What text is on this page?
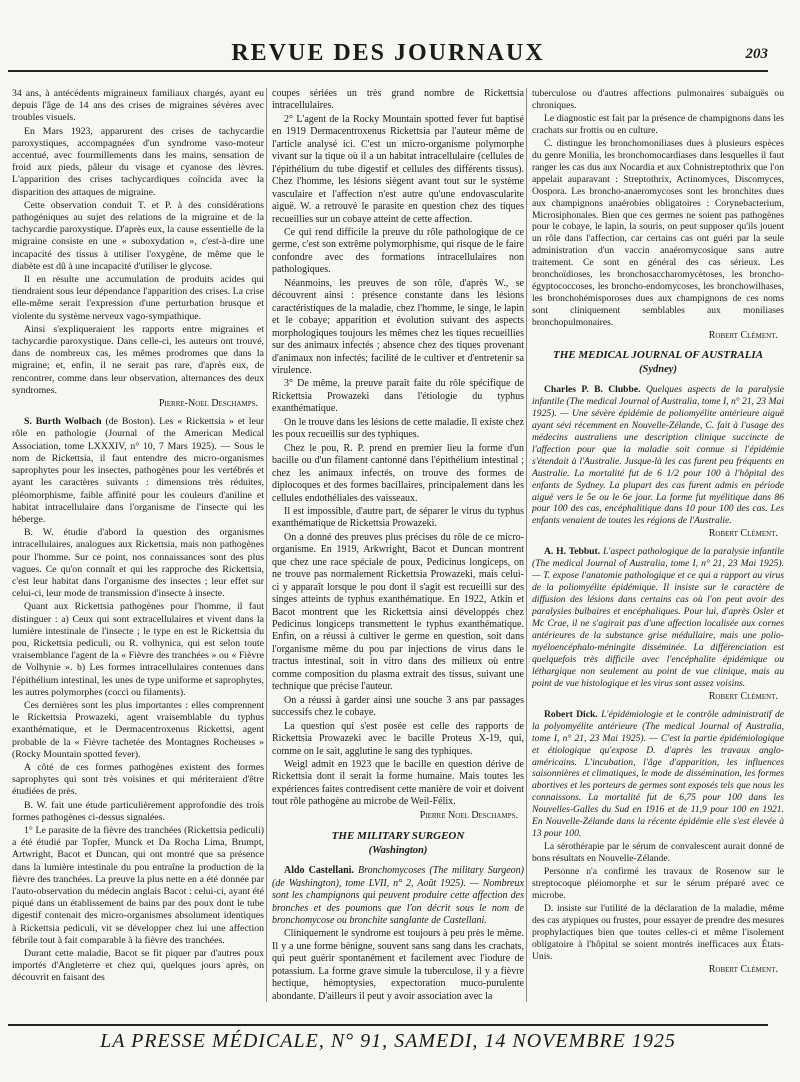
REVUE DES JOURNAUX	203

34 ans, à antécédents migraineux familiaux chargés, ayant eu depuis l'âge de 14 ans des crises de migraines sévères avec troubles visuels.

En Mars 1923, apparurent des crises de tachycardie paroxystiques, accompagnées d'un syndrome vaso-moteur accentué, avec fourmillements dans les mains, sensation de froid aux pieds, pâleur du visage et cyanose des lèvres. L'apparition des crises tachycardiques coïncida avec la disparition des attaques de migraine.

Cette observation conduit T. et P. à des considérations pathogéniques au sujet des relations de la migraine et de la tachycardie paroxystique. D'après eux, la cause essentielle de la migraine consiste en une « suboxydation », c'est-à-dire une incapacité des tissus à utiliser l'oxygène, de même que le diabète est dû à une incapacité d'utiliser le glycose.

Il en résulte une accumulation de produits acides qui tiendraient sous leur dépendance l'apparition des crises. La crise elle-même serait l'expression d'une perturbation brusque et violente du système nerveux vago-sympathique.

Ainsi s'expliqueraient les rapports entre migraines et tachycardie paroxystique. Dans celle-ci, les auteurs ont trouvé, dans de nombreux cas, les mêmes prodromes que dans la migraine; et, enfin, il ne serait pas rare, d'après eux, de rencontrer, comme dans leur observation, alternances des deux syndromes.

Pierre-Noel Deschamps.

S. Burth Wolbach (de Boston). Les « Rickettsia » et leur rôle en pathologie (Journal of the American Medical Association, tome LXXXIV, n° 10, 7 Mars 1925). — Sous le nom de Rickettsia, il faut entendre des micro-organismes saprophytes pour les insectes, pathogènes pour les vertébrés et ayant les caractères suivants : dimensions très réduites, pléomorphisme, faible affinité pour les couleurs d'aniline et habitat intracellulaire dans l'organisme de l'insecte qui les héberge.

B. W. étudie d'abord la question des organismes intracellulaires, analogues aux Rickettsia, mais non pathogènes pour l'homme. Sur ce point, nos connaissances sont des plus vagues. Ce qu'on connaît et qui les rapproche des Rickettsia, c'est leur habitat dans l'organisme des insectes ; leur effet sur celui-ci, leur mode de transmission d'insecte à insecte.

Quant aux Rickettsia pathogènes pour l'homme, il faut distinguer : a) Ceux qui sont extracellulaires et vivent dans la lumière intestinale de l'insecte ; le type en est le Rickettsia du pou, Rickettsia pediculi, ou R. volhynica, qui est selon toute vraisemblance l'agent de la « Fièvre des tranchées » ou « Fièvre de Volhynie ». b) Les formes intracellulaires contenues dans l'épithélium intestinal, les unes de type uniforme et saprophytes, les autres polymorphes (cocci ou filaments).

Ces dernières sont les plus importantes : elles comprennent le Rickettsia Prowazeki, agent vraisemblable du typhus exanthématique, et le Dermacentroxenus Rickettsi, agent probable de la « Fièvre tachetée des Montagnes Rocheuses » (Rocky Mountain spotted fever).

A côté de ces formes pathogènes existent des formes saprophytes qui sont très voisines et qui mériteraient d'être étudiées de près.

B. W. fait une étude particulièrement approfondie des trois formes pathogènes ci-dessus signalées.

1° Le parasite de la fièvre des tranchées (Rickettsia pediculi) a été étudié par Topfer, Munck et Da Rocha Lima, Brumpt, Artwright, Bacot et Duncan, qui ont montré que sa présence dans la lumière intestinale du pou entraîne la production de la fièvre des tranchées. La preuve la plus nette en a été donnée par l'auto-observation du médecin anglais Bacot : celui-ci, ayant été piqué dans un établissement de bains par des poux dont le tube digestif contenait des micro-organismes absolument identiques à Rickettsia pediculi, vit se développer chez lui une affection fébrile tout à fait comparable à la fièvre des tranchées.

Durant cette maladie, Bacot se fit piquer par d'autres poux importés d'Angleterre et chez qui, quelques jours après, on découvrit en faisant des

coupes sériées un très grand nombre de Rickettsia intracellulaires.

2° L'agent de la Rocky Mountain spotted fever fut baptisé en 1919 Dermacentroxenus Rickettsia par l'auteur même de l'article analysé ici. C'est un micro-organisme polymorphe vivant sur la tique où il a un habitat intracellulaire (cellules de l'épithélium du tube digestif et cellules des différents tissus). Chez l'homme, les lésions siègent avant tout sur le système vasculaire et l'affection n'est autre qu'une endovascularite aiguë. W. a retrouvé le parasite en question chez des tiques recueillies sur un cobaye atteint de cette affection.

Ce qui rend difficile la preuve du rôle pathologique de ce germe, c'est son extrême polymorphisme, qui risque de le faire confondre avec des formations intracellulaires non pathologiques.

Néanmoins, les preuves de son rôle, d'après W., se découvrent ainsi : présence constante dans les lésions caractéristiques de la maladie, chez l'homme, le singe, le lapin et le cobaye; apparition et évolution suivant des aspects morphologiques toujours les mêmes chez les tiques recueillies sur des animaux infectés ; absence chez des tiques provenant d'animaux non infectés; facilité de le cultiver et d'entretenir sa virulence.

3° De même, la preuve paraît faite du rôle spécifique de Rickettsia Prowazeki dans l'étiologie du typhus exanthématique.

On le trouve dans les lésions de cette maladie. Il existe chez les poux recueillis sur des typhiques.

Chez le pou, R. P. prend en premier lieu la forme d'un bacille ou d'un filament cantonné dans l'épithélium intestinal ; chez les animaux infectés, on trouve des formes de diplocoques et des formes bacillaires, principalement dans les cellules endothéliales des vaisseaux.

Il est impossible, d'autre part, de séparer le virus du typhus exanthématique de Rickettsia Prowazeki.

On a donné des preuves plus précises du rôle de ce micro-organisme. En 1919, Arkwright, Bacot et Duncan montrent que chez une race spéciale de poux, Pedicinus longiceps, on ne trouve pas normalement Rickettsia Prowazeki, mais celui-ci y apparaît lorsque le pou dont il s'agit est recueilli sur des singes atteints de typhus exanthématique. En 1922, Atkin et Bacot montrent que les Rickettsia ainsi développés chez Pedicinus longiceps transmettent le typhus exanthématique. Enfin, on a réussi à cultiver le germe en question, soit dans l'organisme même du pou par injections de virus dans le tractus intestinal, soit in vitro dans des milieux où entre comme composition du plasma extrait des tissus, suivant une technique que précise l'auteur.

On a réussi à garder ainsi une souche 3 ans par passages successifs chez le cobaye.

La question qui s'est posée est celle des rapports de Rickettsia Prowazeki avec le bacille Proteus X-19, qui, comme on le sait, agglutine le sang des typhiques.

Weigl admit en 1923 que le bacille en question dérive de Rickettsia dont il serait la forme humaine. Mais toutes les expériences faites contredisent cette manière de voir et doivent tout rôle pathogène au microbe de Weil-Félix.

Pierre Noel Deschamps.

THE MILITARY SURGEON

(Washington)

Aldo Castellani. Bronchomycoses (The military Surgeon) (de Washington), tome LVII, n° 2, Août 1925). — Nombreux sont les champignons qui peuvent produire cette affection des bronches et des poumons que l'on décrit sous le nom de bronchomycose ou bronchite sanglante de Castellani.

Cliniquement le syndrome est toujours à peu près le même. Il y a une forme bénigne, souvent sans sang dans les crachats, qui peut guérir spontanément et facilement avec l'iodure de potassium. La forme grave simule la tuberculose, il y a fièvre hectique, hémoptysies, expectoration muco-purulente abondante. D'ailleurs il peut y avoir association avec la

tuberculose ou d'autres affections pulmonaires subaiguës ou chroniques.

Le diagnostic est fait par la présence de champignons dans les crachats sur frottis ou en culture.

C. distingue les bronchomoniliases dues à plusieurs espèces du genre Monilia, les bronchomocardiases dans lesquelles il faut ranger les cas dus aux Nocardia et aux Cohnistreptothrix que l'on appelait auparavant : Streptothrix, Actinomyces, Discomyces, Oospora. Les broncho-anaeromycoses sont les bronchites dues aux champignons anaérobies obligatoires : Corynebacterium, Microsiphonales. Bien que ces germes ne soient pas pathogènes pour le cobaye, le lapin, la souris, on peut supposer qu'ils jouent un rôle dans l'affection, car certains cas ont guéri par la seule administration d'un vaccin anaéromycosique sans autre traitement. Ce sont en général des cas sérieux. Les bronchoïdioses, les bronchosaccharomycètoses, les broncho-égyptococcoses, les broncho-endomycoses, les bronchowilhases, les bronchohémisporoses dues aux champignons de ces noms sont cliniquement semblables aux moniliases bronchopulmonaires.

Robert Clément.

THE MEDICAL JOURNAL OF AUSTRALIA

(Sydney)

Charles P. B. Clubbe. Quelques aspects de la paralysie infantile (The medical Journal of Australia, tome I, n° 21, 23 Mai 1925). — Une sévère épidémie de poliomyélite antérieure aiguë ayant sévi récemment en Nouvelle-Zélande, C. fait à l'usage des médecins australiens une description clinique succincte de l'affection pour que la maladie soit connue si l'épidémie s'étendait à l'Australie. Jusque-là les cas furent peu fréquents en Australie. La mortalité fut de 6 1/2 pour 100 à l'hôpital des enfants de Sydney. La plupart des cas furent admis en période aiguë vers le 5e ou le 6e jour. La forme fut myélitique dans 86 pour 100 des cas, encéphalitique dans 10 pour 100 des cas. Les enfants venaient de toutes les régions de l'Australie.

Robert Clément.

A. H. Tebbut. L'aspect pathologique de la paralysie infantile (The medical Journal of Australia, tome I, n° 21, 23 Mai 1925). — T. expose l'anatomie pathologique et ce qui a rapport au virus de la poliomyélite épidémique. Il insiste sur le caractère de diffusion des lésions dans certains cas où l'on peut avoir des paralysies bulbaires et encéphaliques. Pour lui, d'après Osler et Mc Crae, il ne s'agirait pas d'une affection localisée aux cornes antérieures de la substance grise médullaire, mais une polio-myéloencéphalo-méningite disséminée. La différenciation est quelquefois très difficile avec l'encéphalite épidémique ou léthargique non seulement au point de vue clinique, mais au point de vue histologique et les virus sont assez voisins.

Robert Clément.

Robert Dick. L'épidémiologie et le contrôle administratif de la polyomyélite antérieure (The medical Journal of Australia, tome I, n° 21, 23 Mai 1925). — C'est la partie épidémiologique et étiologique qu'expose D. d'après les travaux anglo-américains. L'incubation, l'âge d'apparition, les influences saisonnières et climatiques, le mode de dissémination, les formes abortives et les porteurs de germes sont exposés tels que nous les connaissons. La mortalité fut de 6,75 pour 100 dans les Nouvelles-Galles du Sud en 1916 et de 11,9 pour 100 en 1921. En Nouvelle-Zélande dans la récente épidémie elle s'est élevée à 13 pour 100.

La sérothérapie par le sérum de convalescent aurait donné de bons résultats en Nouvelle-Zélande.

Personne n'a confirmé les travaux de Rosenow sur le streptocoque pléiomorphe et sur le sérum préparé avec ce microbe.

D. insiste sur l'utilité de la déclaration de la maladie, même des cas atypiques ou frustes, pour essayer de prendre des mesures prophylactiques bien que toutes celles-ci et même l'isolement obligatoire à l'hôpital se soient montrés inefficaces aux États-Unis.

Robert Clément.

LA PRESSE MÉDICALE, N° 91, SAMEDI, 14 NOVEMBRE 1925
